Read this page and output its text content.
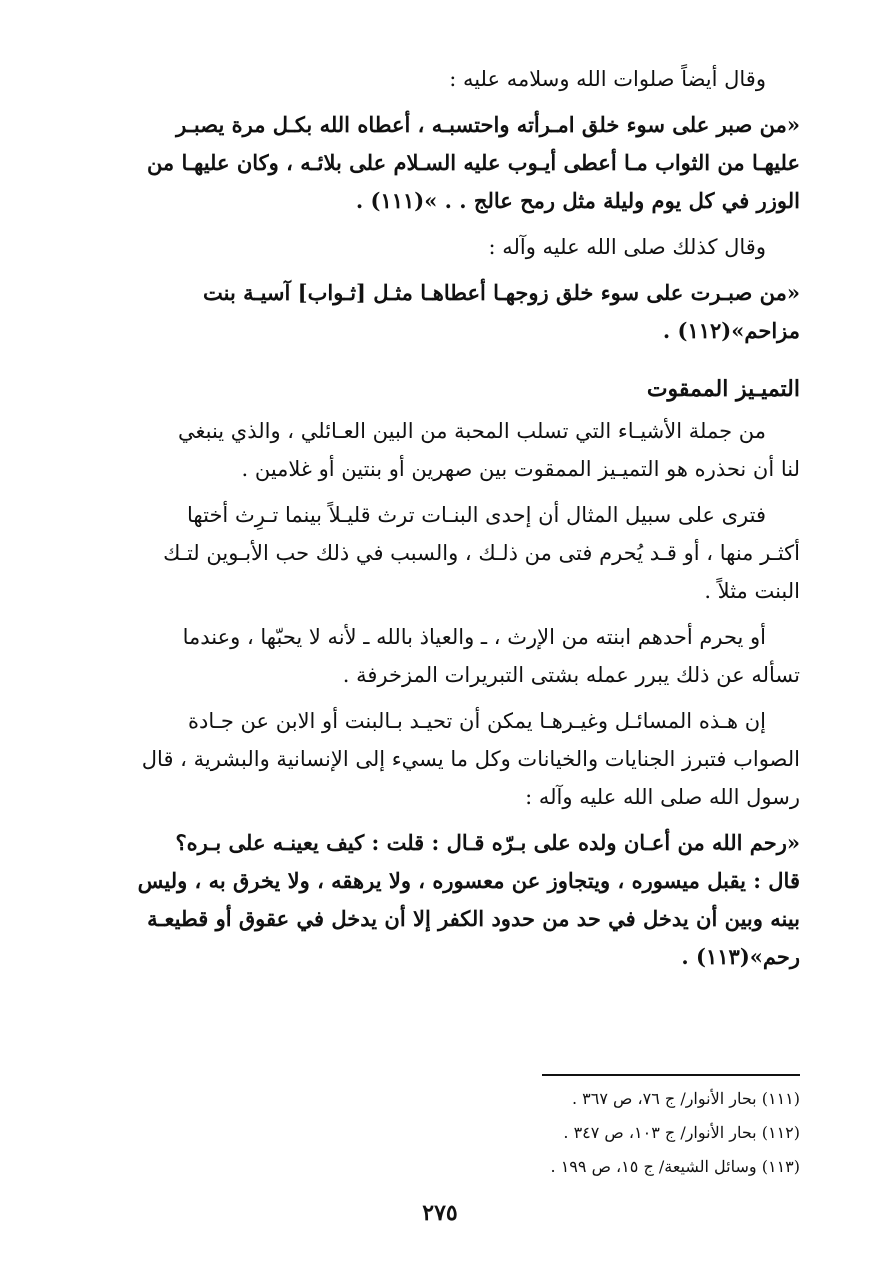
وقال أيضاً صلوات الله وسلامه عليه :

«من صبر على سوء خلق امـرأته واحتسبـه ، أعطاه الله بكـل مرة يصبـر

عليهـا من الثواب مـا أعطى أيـوب عليه السـلام على بلائـه ، وكان عليهـا من

الوزر في كل يوم وليلة مثل رمح عالج . . »(١١١) .

وقال كذلك صلى الله عليه وآله :

«من صبـرت على سوء خلق زوجهـا أعطاهـا مثـل [ثـواب] آسيـة بنت

مزاحم»(١١٢) .

التميـيز الممقوت

من جملة الأشيـاء التي تسلب المحبة من البين العـائلي ، والذي ينبغي

لنا أن نحذره هو التميـيز الممقوت بين صهرين أو بنتين أو غلامين .

فترى على سبيل المثال أن إحدى البنـات ترث قليـلاً بينما تـرِث أختها

أكثـر منها ، أو قـد يُحرم فتى من ذلـك ، والسبب في ذلك حب الأبـوين لتـك

البنت مثلاً .

أو يحرم أحدهم ابنته من الإرث ، ـ والعياذ بالله ـ لأنه لا يحبّها ، وعندما

تسأله عن ذلك يبرر عمله بشتى التبريرات المزخرفة .

إن هـذه المسائـل وغيـرهـا يمكن أن تحيـد بـالبنت أو الابن عن جـادة

الصواب فتبرز الجنايات والخيانات وكل ما يسيء إلى الإنسانية والبشرية ، قال

رسول الله صلى الله عليه وآله :

«رحم الله من أعـان ولده على بـرّه قـال : قلت : كيف يعينـه على بـره؟

قال : يقبل ميسوره ، ويتجاوز عن معسوره ، ولا يرهقه ، ولا يخرق به ، وليس

بينه وبين أن يدخل في حد من حدود الكفر إلا أن يدخل في عقوق أو قطيعـة

رحم»(١١٣) .

(١١١) بحار الأنوار/ ج ٧٦، ص ٣٦٧ .

(١١٢) بحار الأنوار/ ج ١٠٣، ص ٣٤٧ .

(١١٣) وسائل الشيعة/ ج ١٥، ص ١٩٩ .

٢٧٥
